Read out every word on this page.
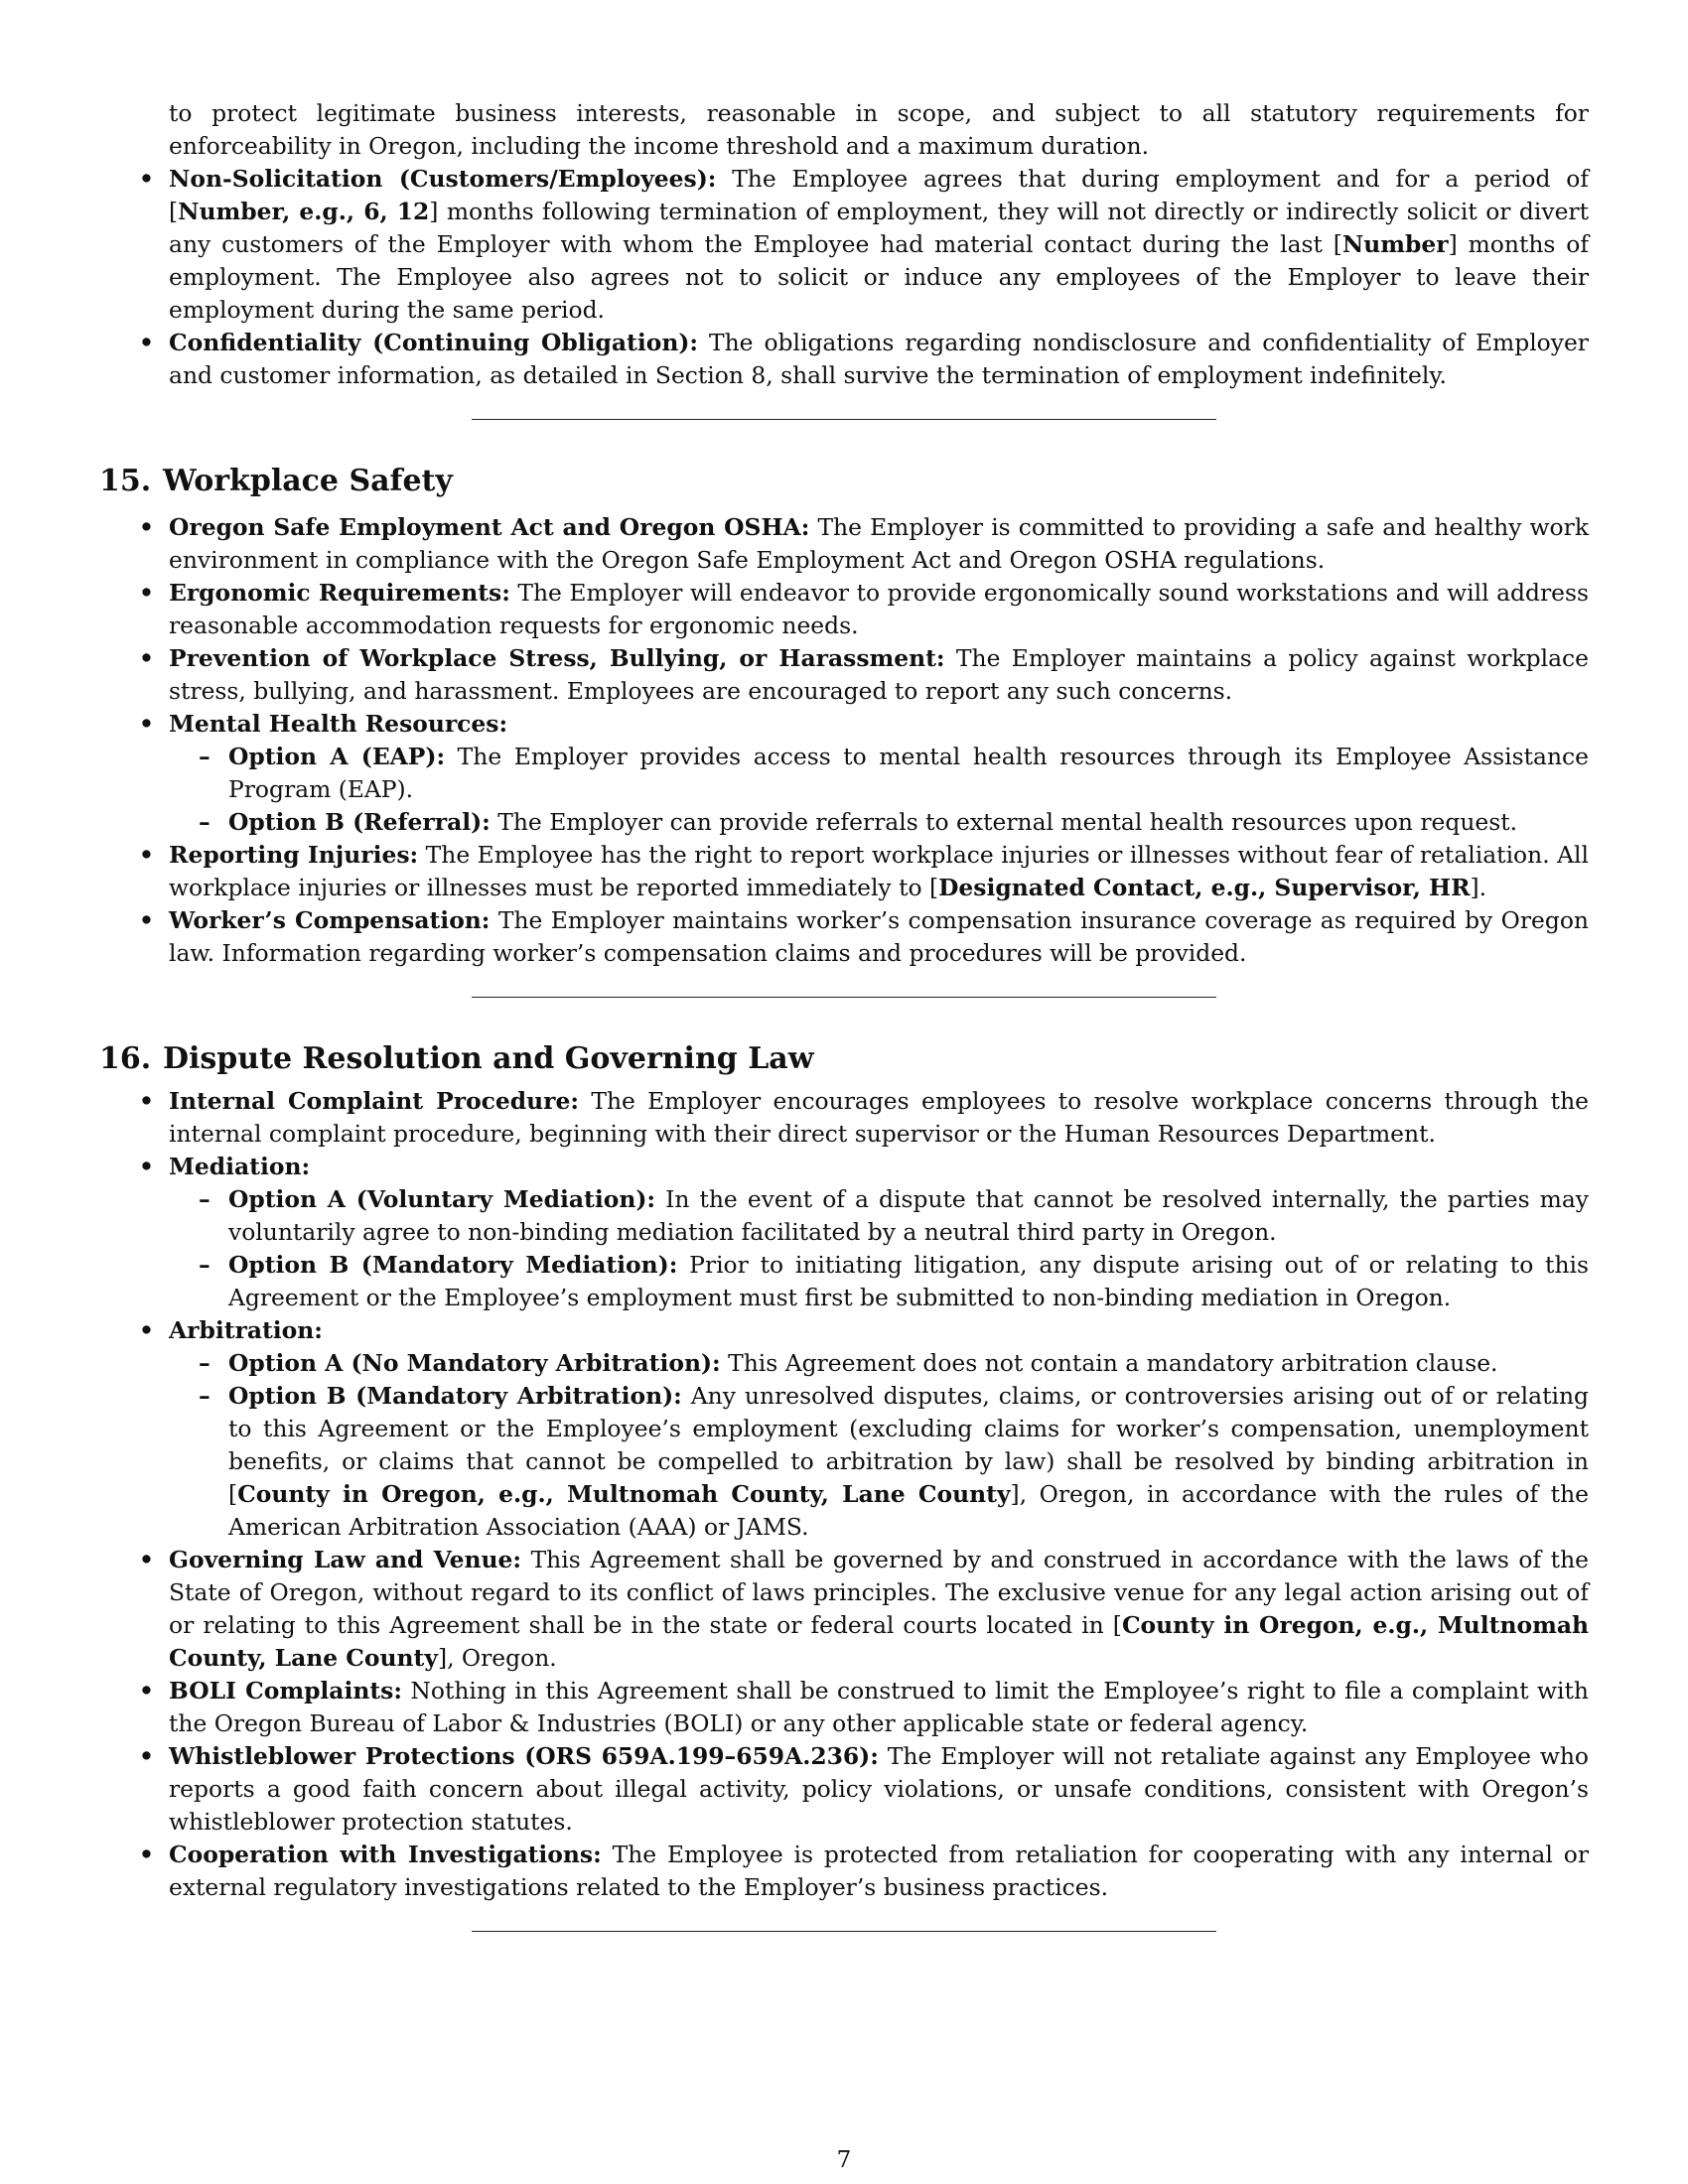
to protect legitimate business interests, reasonable in scope, and subject to all statutory requirements for enforceability in Oregon, including the income threshold and a maximum duration.
• Non-Solicitation (Customers/Employees): The Employee agrees that during employment and for a period of [Number, e.g., 6, 12] months following termination of employment, they will not directly or indirectly solicit or divert any customers of the Employer with whom the Employee had material contact during the last [Number] months of employment. The Employee also agrees not to solicit or induce any employees of the Employer to leave their employment during the same period.
• Confidentiality (Continuing Obligation): The obligations regarding nondisclosure and confidentiality of Employer and customer information, as detailed in Section 8, shall survive the termination of employment indefinitely.
15. Workplace Safety
• Oregon Safe Employment Act and Oregon OSHA: The Employer is committed to providing a safe and healthy work environment in compliance with the Oregon Safe Employment Act and Oregon OSHA regulations.
• Ergonomic Requirements: The Employer will endeavor to provide ergonomically sound workstations and will address reasonable accommodation requests for ergonomic needs.
• Prevention of Workplace Stress, Bullying, or Harassment: The Employer maintains a policy against workplace stress, bullying, and harassment. Employees are encouraged to report any such concerns.
• Mental Health Resources:
– Option A (EAP): The Employer provides access to mental health resources through its Employee Assistance Program (EAP).
– Option B (Referral): The Employer can provide referrals to external mental health resources upon request.
• Reporting Injuries: The Employee has the right to report workplace injuries or illnesses without fear of retaliation. All workplace injuries or illnesses must be reported immediately to [Designated Contact, e.g., Supervisor, HR].
• Worker’s Compensation: The Employer maintains worker’s compensation insurance coverage as required by Oregon law. Information regarding worker’s compensation claims and procedures will be provided.
16. Dispute Resolution and Governing Law
• Internal Complaint Procedure: The Employer encourages employees to resolve workplace concerns through the internal complaint procedure, beginning with their direct supervisor or the Human Resources Department.
• Mediation:
– Option A (Voluntary Mediation): In the event of a dispute that cannot be resolved internally, the parties may voluntarily agree to non-binding mediation facilitated by a neutral third party in Oregon.
– Option B (Mandatory Mediation): Prior to initiating litigation, any dispute arising out of or relating to this Agreement or the Employee’s employment must first be submitted to non-binding mediation in Oregon.
• Arbitration:
– Option A (No Mandatory Arbitration): This Agreement does not contain a mandatory arbitration clause.
– Option B (Mandatory Arbitration): Any unresolved disputes, claims, or controversies arising out of or relating to this Agreement or the Employee’s employment (excluding claims for worker’s compensation, unemployment benefits, or claims that cannot be compelled to arbitration by law) shall be resolved by binding arbitration in [County in Oregon, e.g., Multnomah County, Lane County], Oregon, in accordance with the rules of the American Arbitration Association (AAA) or JAMS.
• Governing Law and Venue: This Agreement shall be governed by and construed in accordance with the laws of the State of Oregon, without regard to its conflict of laws principles. The exclusive venue for any legal action arising out of or relating to this Agreement shall be in the state or federal courts located in [County in Oregon, e.g., Multnomah County, Lane County], Oregon.
• BOLI Complaints: Nothing in this Agreement shall be construed to limit the Employee’s right to file a complaint with the Oregon Bureau of Labor & Industries (BOLI) or any other applicable state or federal agency.
• Whistleblower Protections (ORS 659A.199–659A.236): The Employer will not retaliate against any Employee who reports a good faith concern about illegal activity, policy violations, or unsafe conditions, consistent with Oregon’s whistleblower protection statutes.
• Cooperation with Investigations: The Employee is protected from retaliation for cooperating with any internal or external regulatory investigations related to the Employer’s business practices.
7
